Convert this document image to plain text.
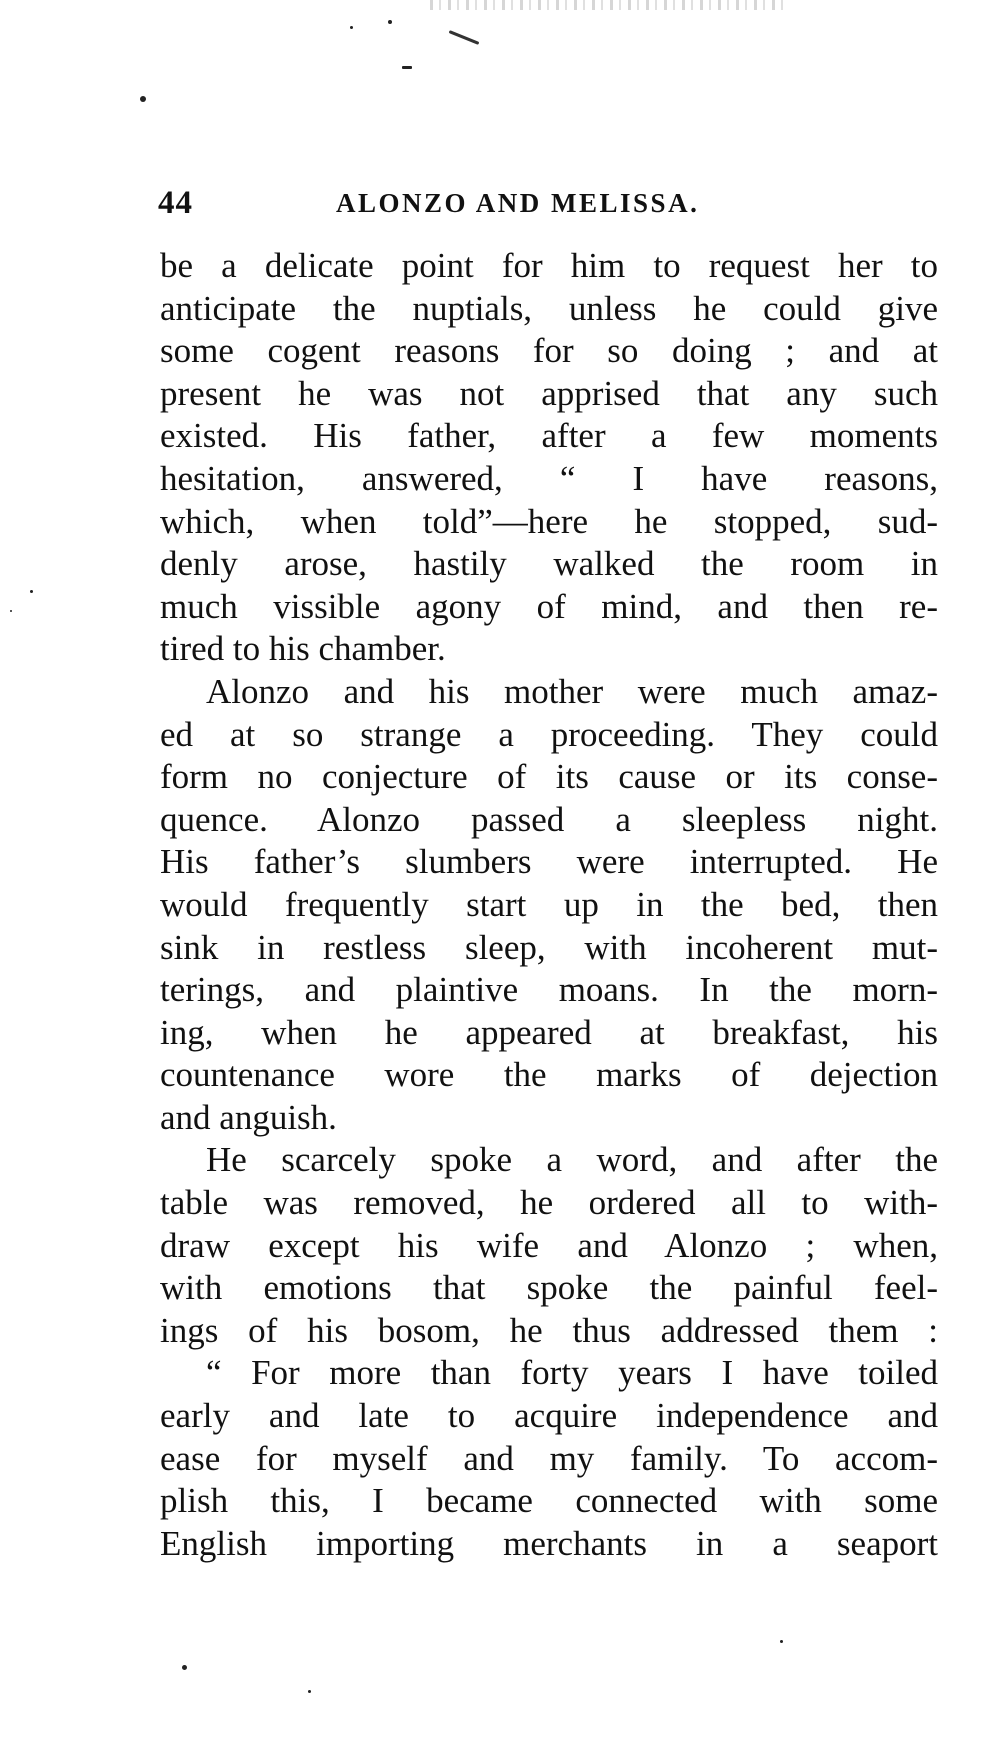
44	ALONZO AND MELISSA.
be a delicate point for him to request her to
anticipate the nuptials, unless he could give
some cogent reasons for so doing ; and at
present he was not apprised that any such
existed. His father, after a few moments
hesitation, answered, “ I have reasons,
which, when told”—here he stopped, sud-
denly arose, hastily walked the room in
much vissible agony of mind, and then re-
tired to his chamber.
Alonzo and his mother were much amaz-
ed at so strange a proceeding. They could
form no conjecture of its cause or its conse-
quence. Alonzo passed a sleepless night.
His father’s slumbers were interrupted. He
would frequently start up in the bed, then
sink in restless sleep, with incoherent mut-
terings, and plaintive moans. In the morn-
ing, when he appeared at breakfast, his
countenance wore the marks of dejection
and anguish.
He scarcely spoke a word, and after the
table was removed, he ordered all to with-
draw except his wife and Alonzo ; when,
with emotions that spoke the painful feel-
ings of his bosom, he thus addressed them :
“ For more than forty years I have toiled
early and late to acquire independence and
ease for myself and my family. To accom-
plish this, I became connected with some
English importing merchants in a seaport
